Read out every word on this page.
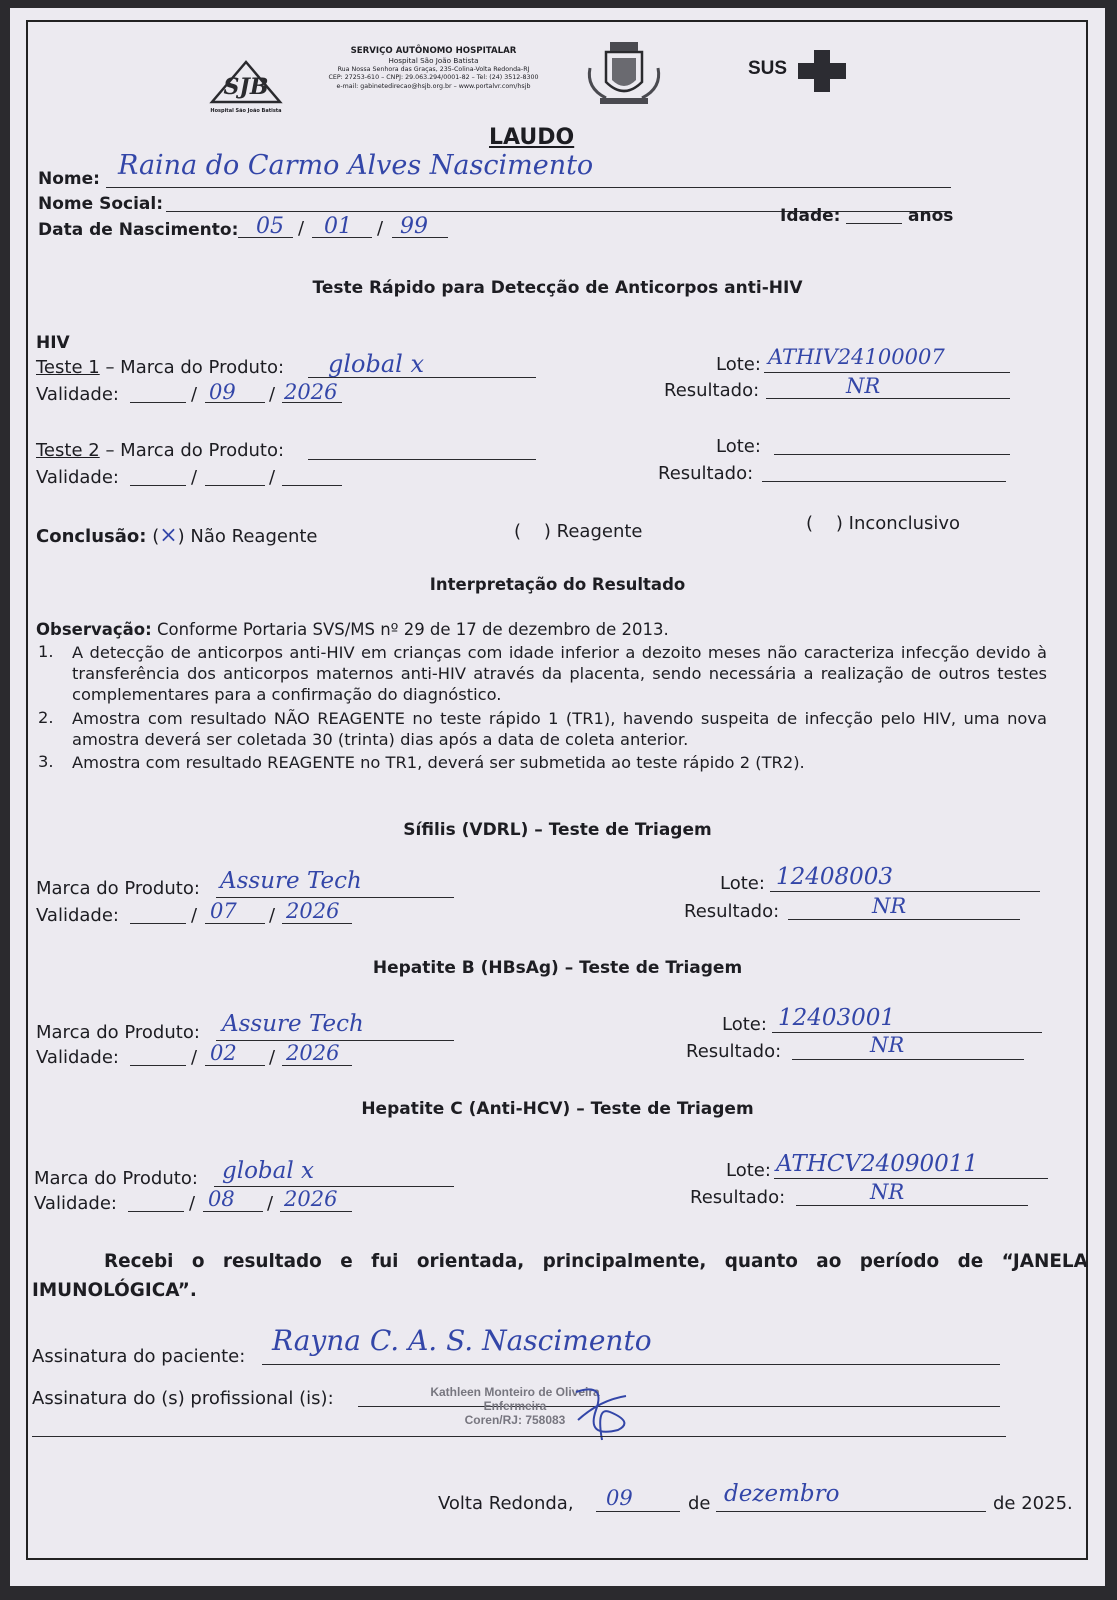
SJB
Hospital São João Batista
SERVIÇO AUTÔNOMO HOSPITALAR
Hospital São João Batista
Rua Nossa Senhora das Graças, 235-Colina-Volta Redonda-RJ
CEP: 27253-610 – CNPJ: 29.063.294/0001-82 – Tel: (24) 3512-8300
e-mail: gabinetedirecao@hsjb.org.br – www.portalvr.com/hsjb
SUS
LAUDO
Nome: Raina do Carmo Alves Nascimento
Nome Social:
Data de Nascimento: 05 / 01 / 99	Idade:	anos
Teste Rápido para Detecção de Anticorpos anti-HIV
HIV
Teste 1 – Marca do Produto: global x	Lote: ATHIV24100007
Validade:	/ 09 / 2026	Resultado:	NR
Teste 2 – Marca do Produto:	Lote:
Validade:	/	/	Resultado:
Conclusão: (×) Não Reagente	(    ) Reagente	(    ) Inconclusivo
Interpretação do Resultado
Observação: Conforme Portaria SVS/MS nº 29 de 17 de dezembro de 2013.
1. A detecção de anticorpos anti-HIV em crianças com idade inferior a dezoito meses não caracteriza infecção devido à transferência dos anticorpos maternos anti-HIV através da placenta, sendo necessária a realização de outros testes complementares para a confirmação do diagnóstico.
2. Amostra com resultado NÃO REAGENTE no teste rápido 1 (TR1), havendo suspeita de infecção pelo HIV, uma nova amostra deverá ser coletada 30 (trinta) dias após a data de coleta anterior.
3. Amostra com resultado REAGENTE no TR1, deverá ser submetida ao teste rápido 2 (TR2).
Sífilis (VDRL) – Teste de Triagem
Marca do Produto: Assure Tech	Lote: 12408003
Validade:	/ 07 / 2026	Resultado:	NR
Hepatite B (HBsAg) – Teste de Triagem
Marca do Produto: Assure Tech	Lote: 12403001
Validade:	/ 02 / 2026	Resultado:	NR
Hepatite C (Anti-HCV) – Teste de Triagem
Marca do Produto: global x	Lote: ATHCV24090011
Validade:	/ 08 / 2026	Resultado:	NR
Recebi o resultado e fui orientada, principalmente, quanto ao período de “JANELA
IMUNOLÓGICA”.
Assinatura do paciente: Rayna C. A. S. Nascimento
Assinatura do (s) profissional (is):	Kathleen Monteiro de Oliveira
Enfermeira
Coren/RJ: 758083
Volta Redonda, 09	de dezembro	de 2025.
